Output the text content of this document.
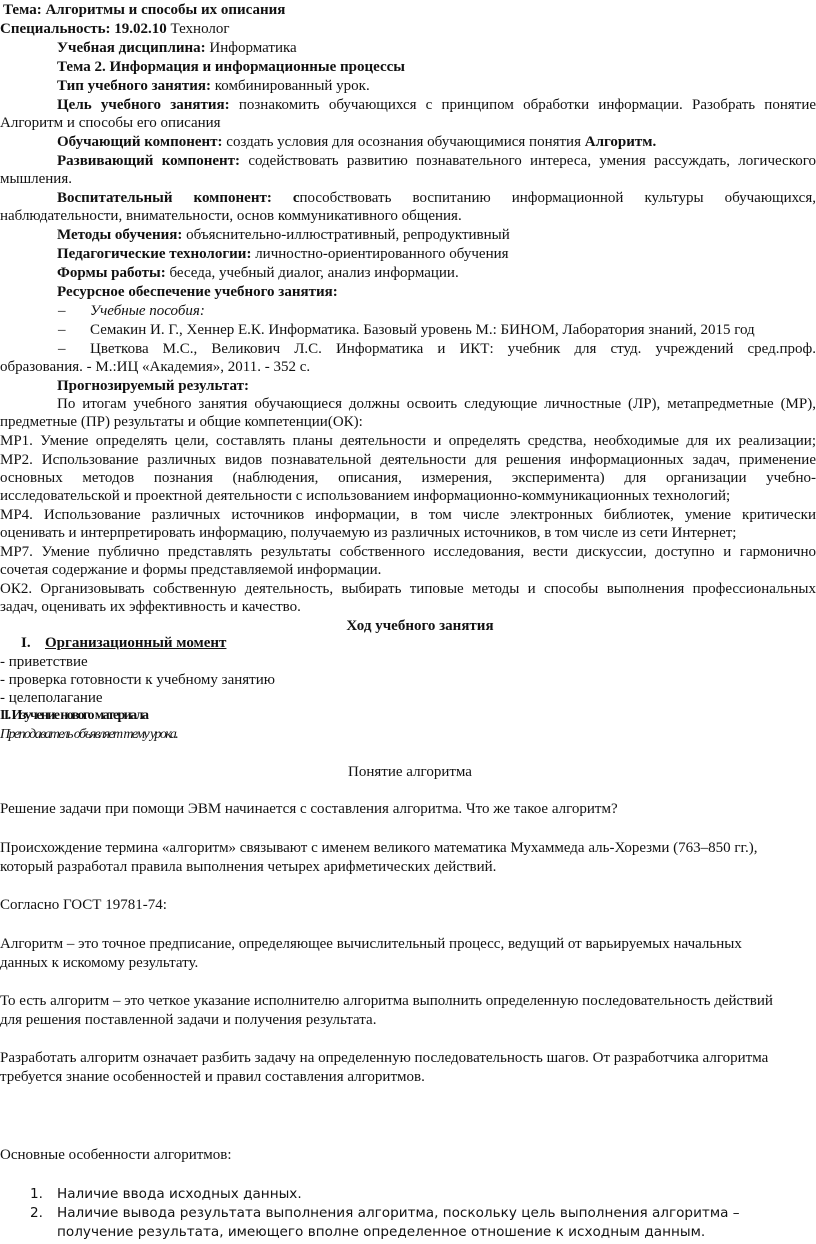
Тема: Алгоритмы и способы их описания
Специальность: 19.02.10 Технолог
Учебная дисциплина: Информатика
Тема 2. Информация и информационные процессы
Тип учебного занятия: комбинированный урок.
Цель учебного занятия: познакомить обучающихся с принципом обработки информации. Разобрать понятие
Алгоритм и способы его описания
Обучающий компонент: создать условия для осознания обучающимися понятия Алгоритм.
Развивающий компонент: содействовать развитию познавательного интереса, умения рассуждать, логического
мышления.
Воспитательный компонент: способствовать воспитанию информационной культуры обучающихся,
наблюдательности, внимательности, основ коммуникативного общения.
Методы обучения: объяснительно-иллюстративный, репродуктивный
Педагогические технологии: личностно-ориентированного обучения
Формы работы: беседа, учебный диалог, анализ информации.
Ресурсное обеспечение учебного занятия:
– Учебные пособия:
– Семакин И. Г., Хеннер Е.К. Информатика. Базовый уровень М.: БИНОМ, Лаборатория знаний, 2015 год
– Цветкова М.С., Великович Л.С. Информатика и ИКТ: учебник для студ. учреждений сред.проф.
образования. - М.:ИЦ «Академия», 2011. - 352 с.
Прогнозируемый результат:
По итогам учебного занятия обучающиеся должны освоить следующие личностные (ЛР), метапредметные (МР),
предметные (ПР) результаты и общие компетенции(ОК):
МР1. Умение определять цели, составлять планы деятельности и определять средства, необходимые для их реализации;
МР2. Использование различных видов познавательной деятельности для решения информационных задач, применение
основных методов познания (наблюдения, описания, измерения, эксперимента) для организации учебно-
исследовательской и проектной деятельности с использованием информационно-коммуникационных технологий;
МР4. Использование различных источников информации, в том числе электронных библиотек, умение критически
оценивать и интерпретировать информацию, получаемую из различных источников, в том числе из сети Интернет;
МР7. Умение публично представлять результаты собственного исследования, вести дискуссии, доступно и гармонично
сочетая содержание и формы представляемой информации.
ОК2. Организовывать собственную деятельность, выбирать типовые методы и способы выполнения профессиональных
задач, оценивать их эффективность и качество.
Ход учебного занятия
I. Организационный момент
- приветствие
- проверка готовности к учебному занятию
- целеполагание
II. Изучение нового материала
Преподаватель объявляет тему урока.
Понятие алгоритма
Решение задачи при помощи ЭВМ начинается с составления алгоритма. Что же такое алгоритм?
Происхождение термина «алгоритм» связывают с именем великого математика Мухаммеда аль-Хорезми (763–850 гг.),
который разработал правила выполнения четырех арифметических действий.
Согласно ГОСТ 19781-74:
Алгоритм – это точное предписание, определяющее вычислительный процесс, ведущий от варьируемых начальных
данных к искомому результату.
То есть алгоритм – это четкое указание исполнителю алгоритма выполнить определенную последовательность действий
для решения поставленной задачи и получения результата.
Разработать алгоритм означает разбить задачу на определенную последовательность шагов. От разработчика алгоритма
требуется знание особенностей и правил составления алгоритмов.
Основные особенности алгоритмов:
1. Наличие ввода исходных данных.
2. Наличие вывода результата выполнения алгоритма, поскольку цель выполнения алгоритма – получение результата, имеющего вполне определенное отношение к исходным данным.
